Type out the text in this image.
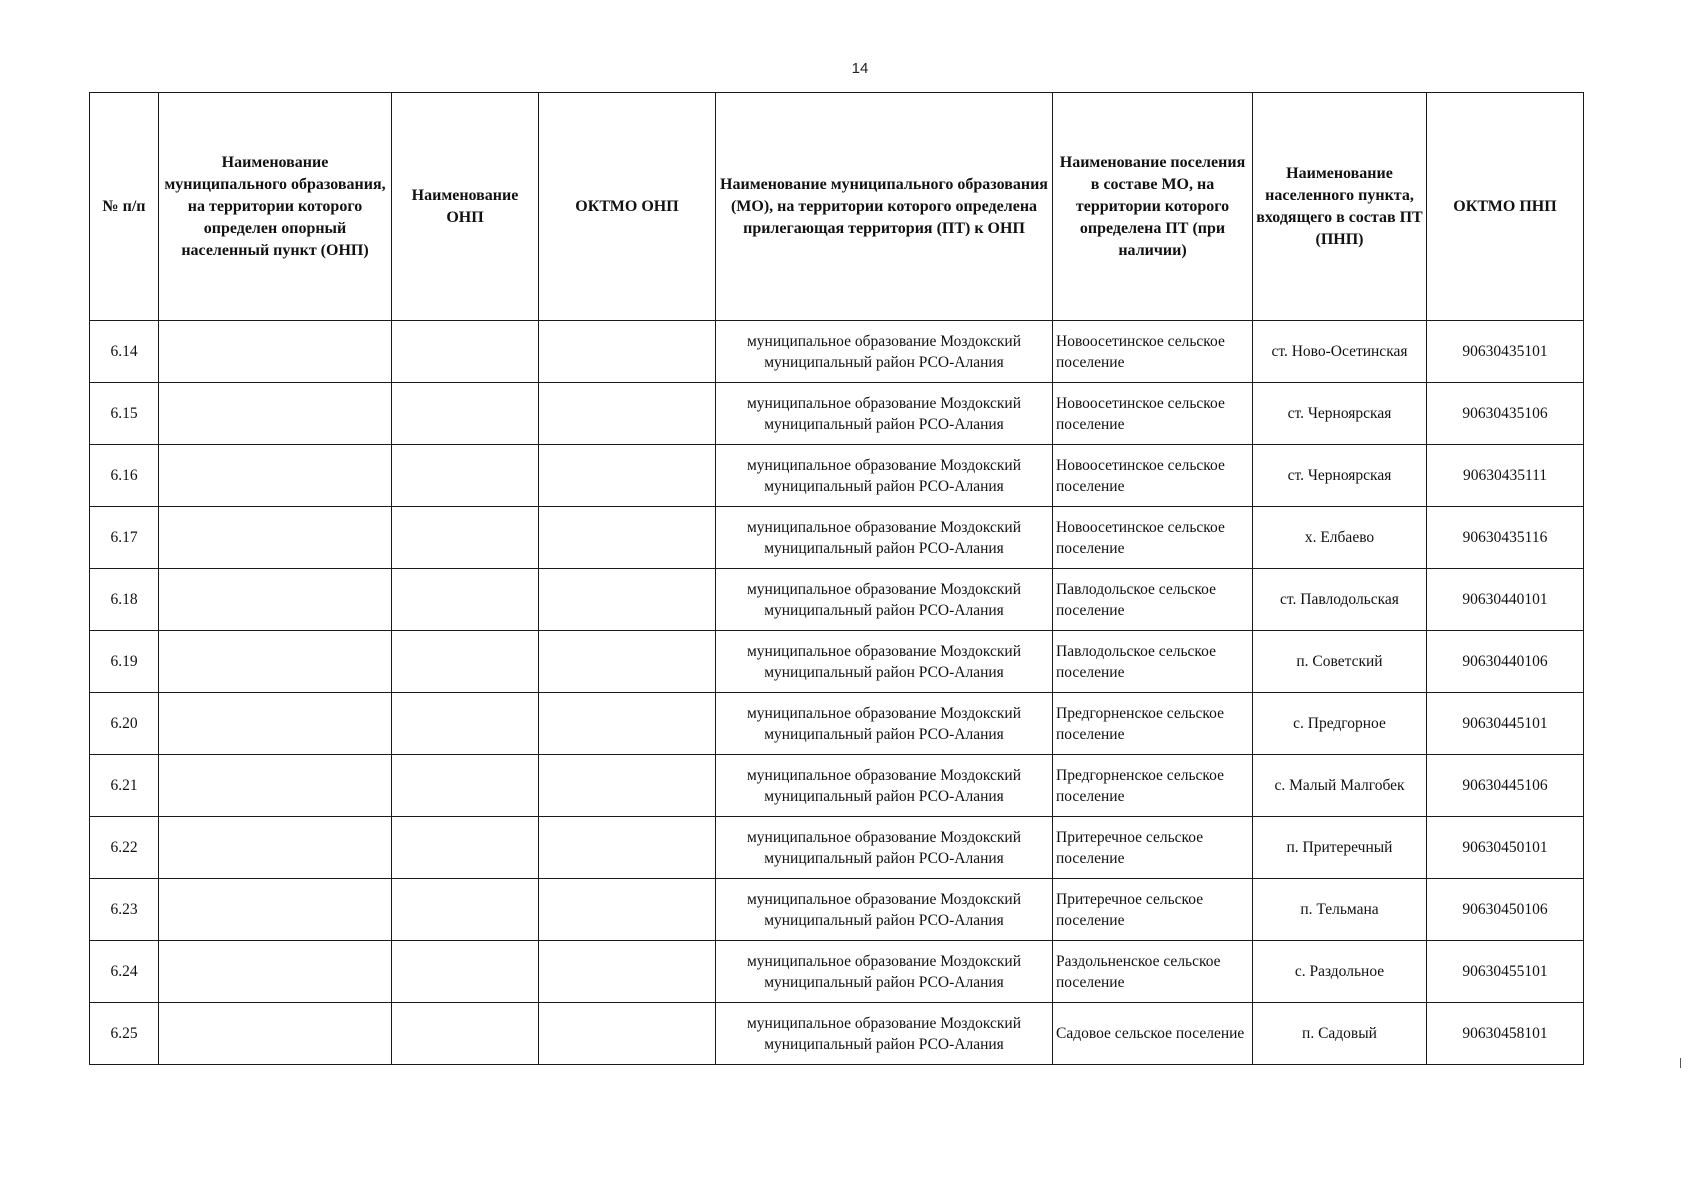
14
№ п/п	Наименование муниципального образования, на территории которого определен опорный населенный пункт (ОНП)	Наименование ОНП	ОКТМО ОНП	Наименование муниципального образования (МО), на территории которого определена прилегающая территория (ПТ) к ОНП	Наименование поселения в составе МО, на территории которого определена ПТ (при наличии)	Наименование населенного пункта, входящего в состав ПТ (ПНП)	ОКТМО ПНП
6.14				муниципальное образование Моздокский муниципальный район РСО-Алания	Новоосетинское сельское поселение	ст. Ново-Осетинская	90630435101
6.15				муниципальное образование Моздокский муниципальный район РСО-Алания	Новоосетинское сельское поселение	ст. Черноярская	90630435106
6.16				муниципальное образование Моздокский муниципальный район РСО-Алания	Новоосетинское сельское поселение	ст. Черноярская	90630435111
6.17				муниципальное образование Моздокский муниципальный район РСО-Алания	Новоосетинское сельское поселение	х. Елбаево	90630435116
6.18				муниципальное образование Моздокский муниципальный район РСО-Алания	Павлодольское сельское поселение	ст. Павлодольская	90630440101
6.19				муниципальное образование Моздокский муниципальный район РСО-Алания	Павлодольское сельское поселение	п. Советский	90630440106
6.20				муниципальное образование Моздокский муниципальный район РСО-Алания	Предгорненское сельское поселение	с. Предгорное	90630445101
6.21				муниципальное образование Моздокский муниципальный район РСО-Алания	Предгорненское сельское поселение	с. Малый Малгобек	90630445106
6.22				муниципальное образование Моздокский муниципальный район РСО-Алания	Притеречное сельское поселение	п. Притеречный	90630450101
6.23				муниципальное образование Моздокский муниципальный район РСО-Алания	Притеречное сельское поселение	п. Тельмана	90630450106
6.24				муниципальное образование Моздокский муниципальный район РСО-Алания	Раздольненское сельское поселение	с. Раздольное	90630455101
6.25				муниципальное образование Моздокский муниципальный район РСО-Алания	Садовое сельское поселение	п. Садовый	90630458101
